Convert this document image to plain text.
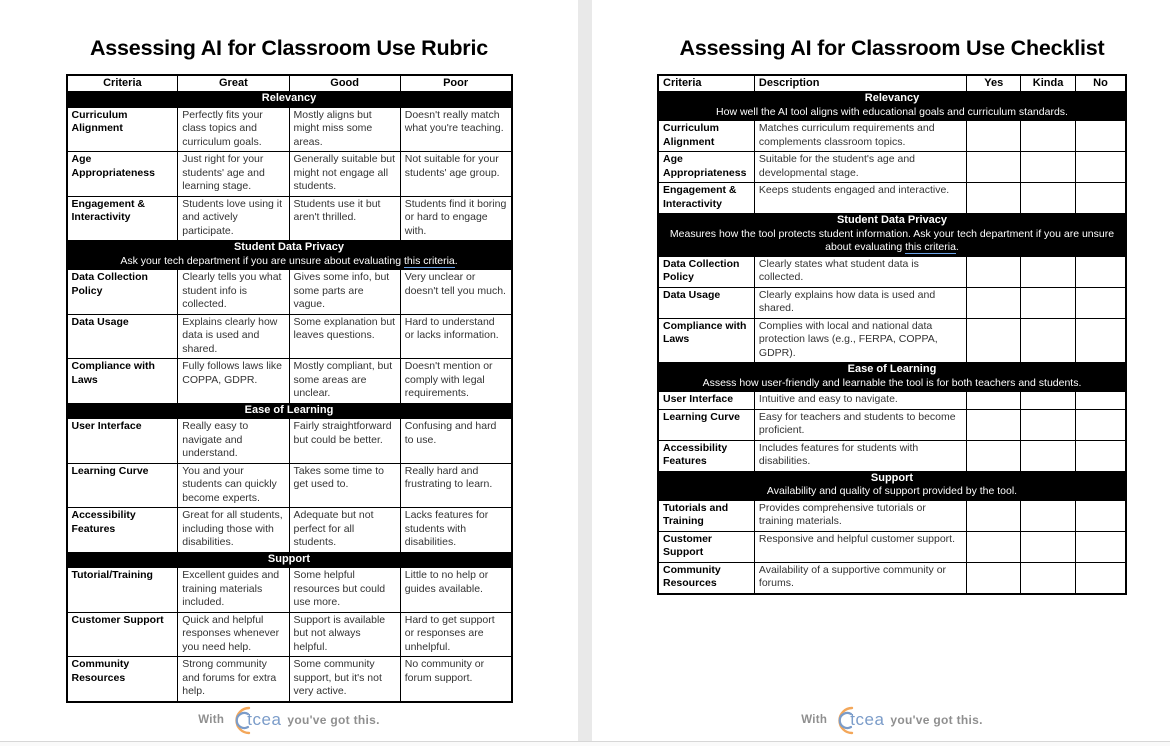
Assessing AI for Classroom Use Rubric
Criteria	Great	Good	Poor

Relevancy			

Curriculum Alignment	Perfectly fits your class topics and curriculum goals.	Mostly aligns but might miss some areas.	Doesn't really match what you're teaching.
Age Appropriateness	Just right for your students' age and learning stage.	Generally suitable but might not engage all students.	Not suitable for your students' age group.
Engagement & Interactivity	Students love using it and actively participate.	Students use it but aren't thrilled.	Students find it boring or hard to engage with.

Student Data Privacy
Ask your tech department if you are unsure about evaluating this criteria.			

Data Collection Policy	Clearly tells you what student info is collected.	Gives some info, but some parts are vague.	Very unclear or doesn't tell you much.
Data Usage	Explains clearly how data is used and shared.	Some explanation but leaves questions.	Hard to understand or lacks information.
Compliance with Laws	Fully follows laws like COPPA, GDPR.	Mostly compliant, but some areas are unclear.	Doesn't mention or comply with legal requirements.

Ease of Learning			

User Interface	Really easy to navigate and understand.	Fairly straightforward but could be better.	Confusing and hard to use.
Learning Curve	You and your students can quickly become experts.	Takes some time to get used to.	Really hard and frustrating to learn.
Accessibility Features	Great for all students, including those with disabilities.	Adequate but not perfect for all students.	Lacks features for students with disabilities.

Support			

Tutorial/Training	Excellent guides and training materials included.	Some helpful resources but could use more.	Little to no help or guides available.
Customer Support	Quick and helpful responses whenever you need help.	Support is available but not always helpful.	Hard to get support or responses are unhelpful.
Community Resources	Strong community and forums for extra help.	Some community support, but it's not very active.	No community or forum support.
With tcea you've got this.
Assessing AI for Classroom Use Checklist
Criteria	Description	Yes	Kinda	No

Relevancy
How well the AI tool aligns with educational goals and curriculum standards.				

Curriculum Alignment	Matches curriculum requirements and complements classroom topics.			
Age Appropriateness	Suitable for the student's age and developmental stage.			
Engagement & Interactivity	Keeps students engaged and interactive.			

Student Data Privacy
Measures how the tool protects student information. Ask your tech department if you are unsure about evaluating this criteria.				

Data Collection Policy	Clearly states what student data is collected.			
Data Usage	Clearly explains how data is used and shared.			
Compliance with Laws	Complies with local and national data protection laws (e.g., FERPA, COPPA, GDPR).			

Ease of Learning
Assess how user-friendly and learnable the tool is for both teachers and students.				

User Interface	Intuitive and easy to navigate.			
Learning Curve	Easy for teachers and students to become proficient.			
Accessibility Features	Includes features for students with disabilities.			

Support
Availability and quality of support provided by the tool.				

Tutorials and Training	Provides comprehensive tutorials or training materials.			
Customer Support	Responsive and helpful customer support.			
Community Resources	Availability of a supportive community or forums.			
With tcea you've got this.
